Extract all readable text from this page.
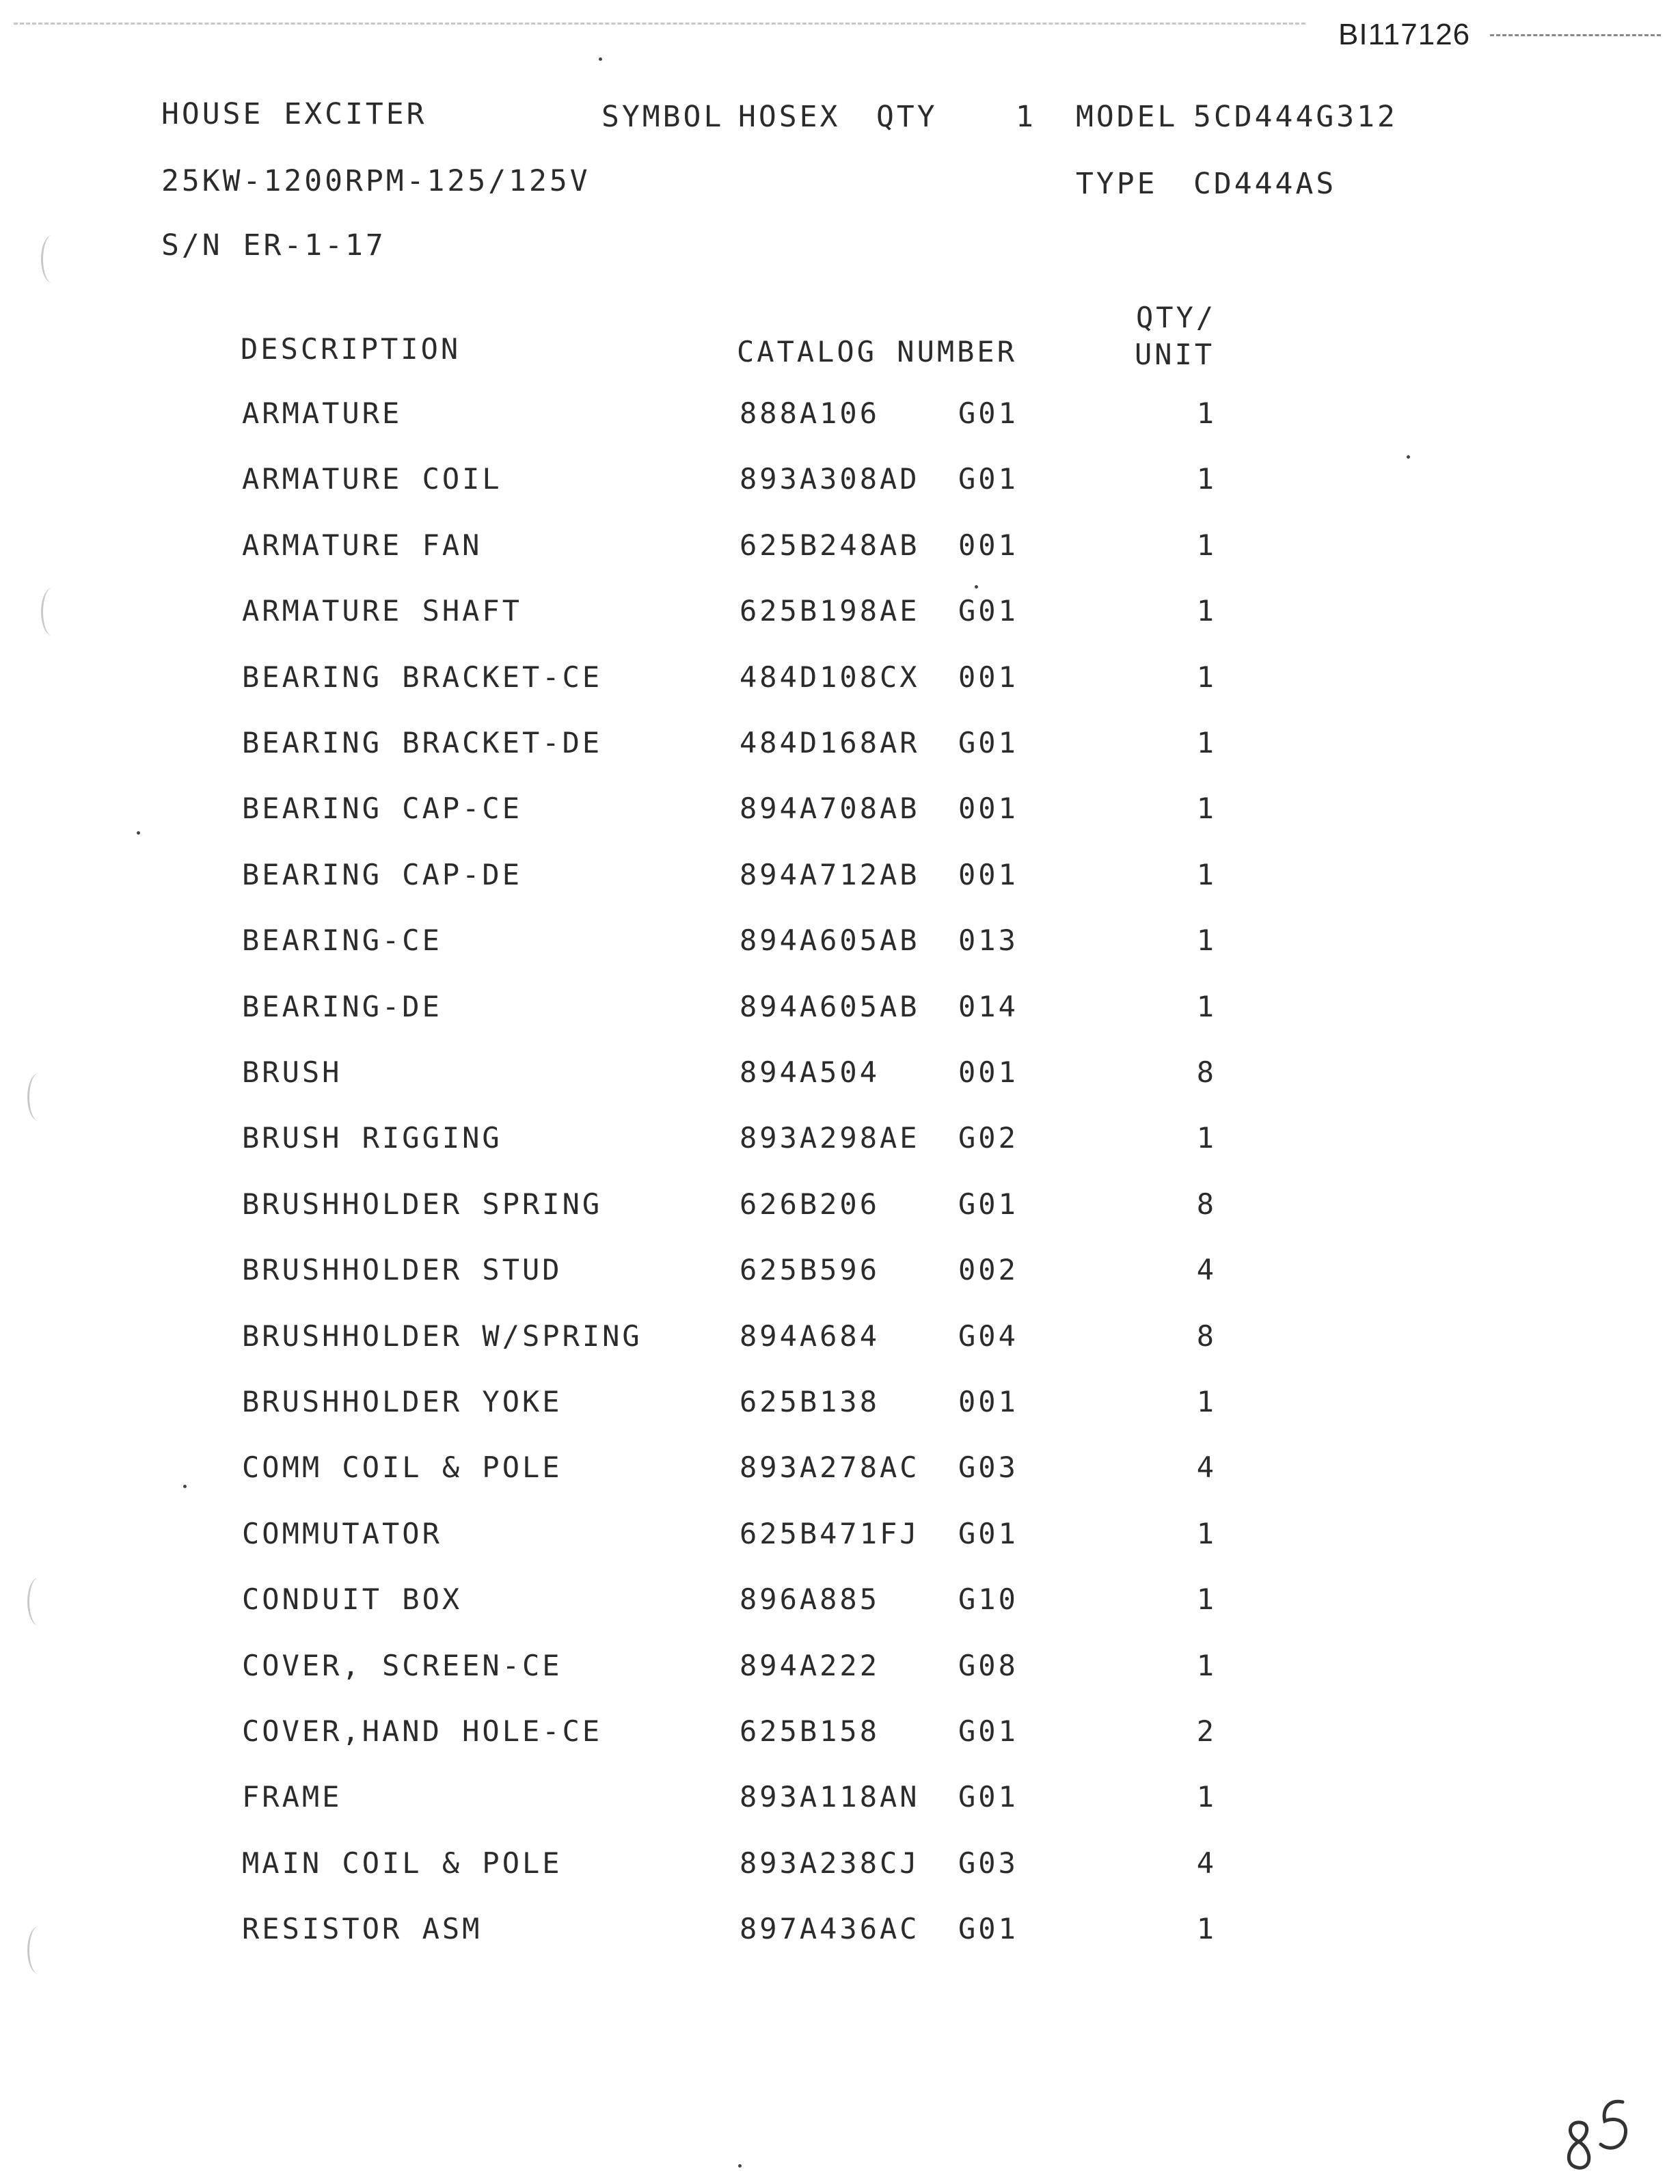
BI117126
HOUSE EXCITER	SYMBOL HOSEX QTY	1 MODEL 5CD444G312
25KW-1200RPM-125/125V	TYPE CD444AS
S/N ER-1-17
DESCRIPTION	CATALOG NUMBER
QTY/
UNIT
ARMATURE	888A106	G01	1
ARMATURE COIL	893A308AD G01	1
ARMATURE FAN	625B248AB 001	1
ARMATURE SHAFT	625B198AE G01	1
BEARING BRACKET-CE	484D108CX 001	1
BEARING BRACKET-DE	484D168AR G01	1
BEARING CAP-CE	894A708AB 001	1
BEARING CAP-DE	894A712AB 001	1
BEARING-CE	894A605AB 013	1
BEARING-DE	894A605AB 014	1
BRUSH	894A504	001	8
BRUSH RIGGING	893A298AE G02	1
BRUSHHOLDER SPRING	626B206	G01	8
BRUSHHOLDER STUD	625B596	002	4
BRUSHHOLDER W/SPRING	894A684	G04	8
BRUSHHOLDER YOKE	625B138	001	1
COMM COIL & POLE	893A278AC G03	4
COMMUTATOR	625B471FJ G01	1
CONDUIT BOX	896A885	G10	1
COVER, SCREEN-CE	894A222	G08	1
COVER,HAND HOLE-CE	625B158	G01	2
FRAME	893A118AN G01	1
MAIN COIL & POLE	893A238CJ G03	4
RESISTOR ASM	897A436AC G01	1
